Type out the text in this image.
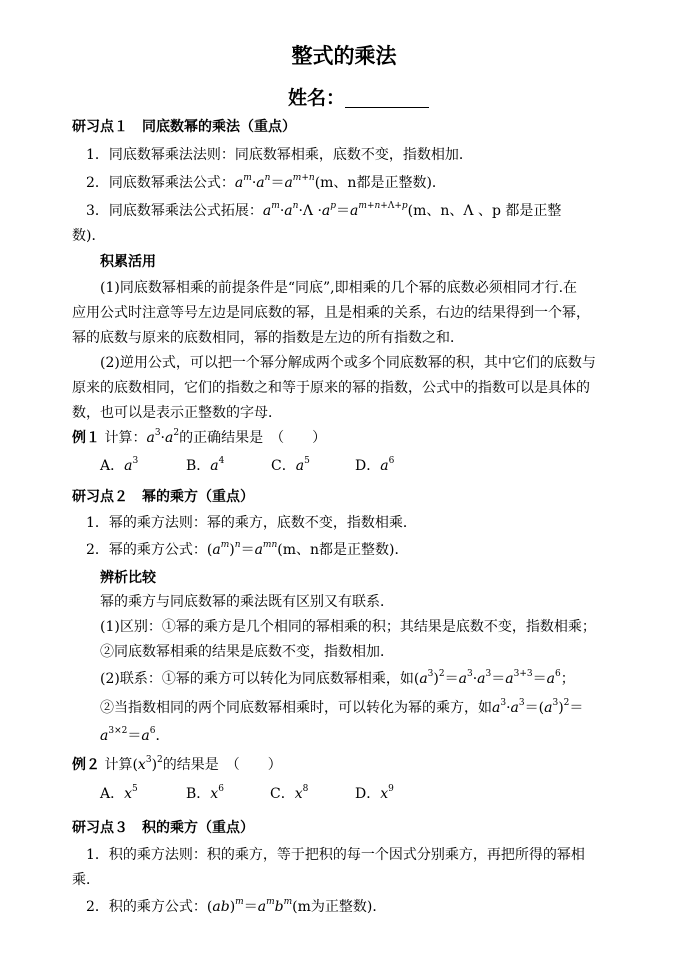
整式的乘法
姓名：
研习点１　同底数幂的乘法（重点）
1．同底数幂乘法法则：同底数幂相乘，底数不变，指数相加．
2．同底数幂乘法公式：$a^m\cdot a^n=a^{m+n}(m$、n都是正整数)．
3．同底数幂乘法公式拓展：$a^m\cdot a^n\cdot\Lambda \cdot a^p=a^{m+n+\Lambda+p}(m$、n、Λ 、p 都是正整
数)．
积累活用
(1)同底数幂相乘的前提条件是“同底”,即相乘的几个幂的底数必须相同才行.在
应用公式时注意等号左边是同底数的幂，且是相乘的关系，右边的结果得到一个幂，
幂的底数与原来的底数相同，幂的指数是左边的所有指数之和．
(2)逆用公式，可以把一个幂分解成两个或多个同底数幂的积，其中它们的底数与
原来的底数相同，它们的指数之和等于原来的幂的指数，公式中的指数可以是具体的
数，也可以是表示正整数的字母．
例１ 计算：$a^3\cdot a^2$的正确结果是　（　　）
A．$a^3$	B．$a^4$	C．$a^5$	D．$a^6$
研习点２　幂的乘方（重点）
1．幂的乘方法则：幂的乘方，底数不变，指数相乘．
2．幂的乘方公式：$(a^m)^n=a^{mn}(m$、n都是正整数)．
辨析比较
幂的乘方与同底数幂的乘法既有区别又有联系．
(1)区别：①幂的乘方是几个相同的幂相乘的积；其结果是底数不变，指数相乘；
②同底数幂相乘的结果是底数不变，指数相加．
(2)联系：①幂的乘方可以转化为同底数幂相乘，如$(a^3)^2=a^3\cdot a^3=a^{3+3}=a^6$；
②当指数相同的两个同底数幂相乘时，可以转化为幂的乘方，如$a^3\cdot a^3=(a^3)^2=$
$a^{3\times 2}=a^6$．
例２ 计算$(x^3)^2$的结果是　（　　）
A．$x^5$	B．$x^6$	C．$x^8$	D．$x^9$
研习点３　积的乘方（重点）
1．积的乘方法则：积的乘方，等于把积的每一个因式分别乘方，再把所得的幂相
乘．
2．积的乘方公式：$(ab)^m=a^mb^m(m$为正整数)．
